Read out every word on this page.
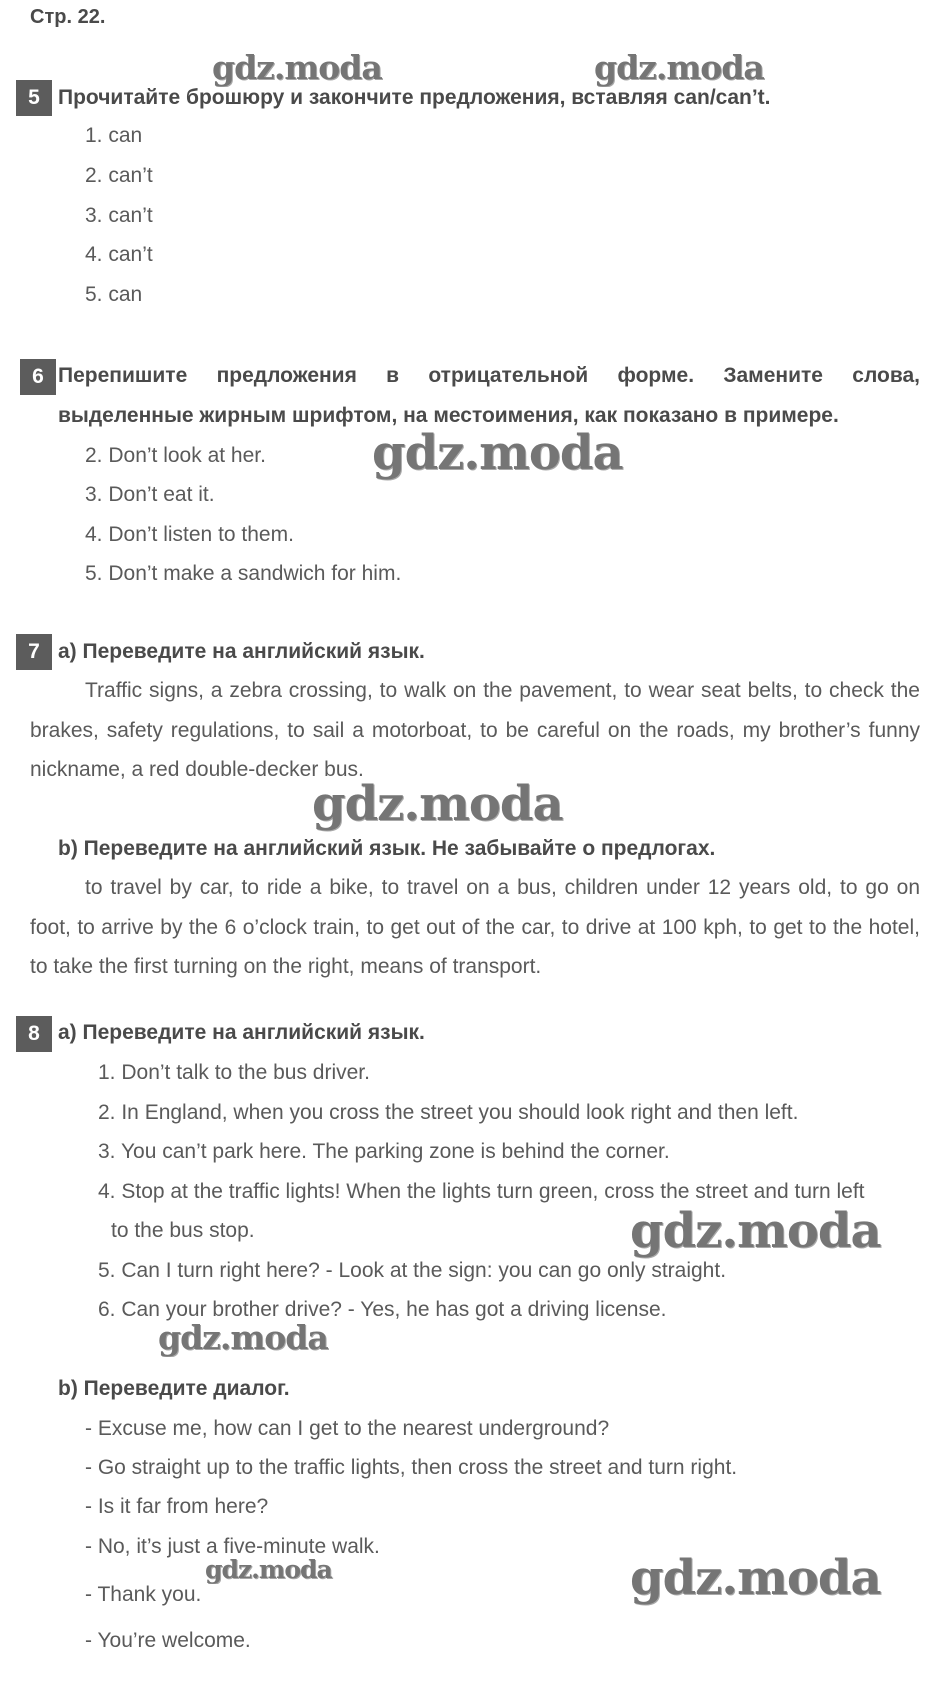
Стр. 22.
5 Прочитайте брошюру и закончите предложения, вставляя can/can’t.
1. can
2. can’t
3. can’t
4. can’t
5. can
6 Перепишите предложения в отрицательной форме. Замените слова, выделенные жирным шрифтом, на местоимения, как показано в примере.
2. Don’t look at her.
3. Don’t eat it.
4. Don’t listen to them.
5. Don’t make a sandwich for him.
7 a) Переведите на английский язык.
Traffic signs, a zebra crossing, to walk on the pavement, to wear seat belts, to check the brakes, safety regulations, to sail a motorboat, to be careful on the roads, my brother’s funny nickname, a red double-decker bus.
b) Переведите на английский язык. Не забывайте о предлогах.
to travel by car, to ride a bike, to travel on a bus, children under 12 years old, to go on foot, to arrive by the 6 o’clock train, to get out of the car, to drive at 100 kph, to get to the hotel, to take the first turning on the right, means of transport.
8 a) Переведите на английский язык.
1. Don’t talk to the bus driver.
2. In England, when you cross the street you should look right and then left.
3. You can’t park here. The parking zone is behind the corner.
4. Stop at the traffic lights! When the lights turn green, cross the street and turn left
to the bus stop.
5. Can I turn right here? - Look at the sign: you can go only straight.
6. Can your brother drive? - Yes, he has got a driving license.
b) Переведите диалог.
- Excuse me, how can I get to the nearest underground?
- Go straight up to the traffic lights, then cross the street and turn right.
- Is it far from here?
- No, it’s just a five-minute walk.
- Thank you.
- You’re welcome.
gdz.moda	gdz.moda
gdz.moda
gdz.moda
gdz.moda
gdz.moda
gdz.moda	gdz.moda
